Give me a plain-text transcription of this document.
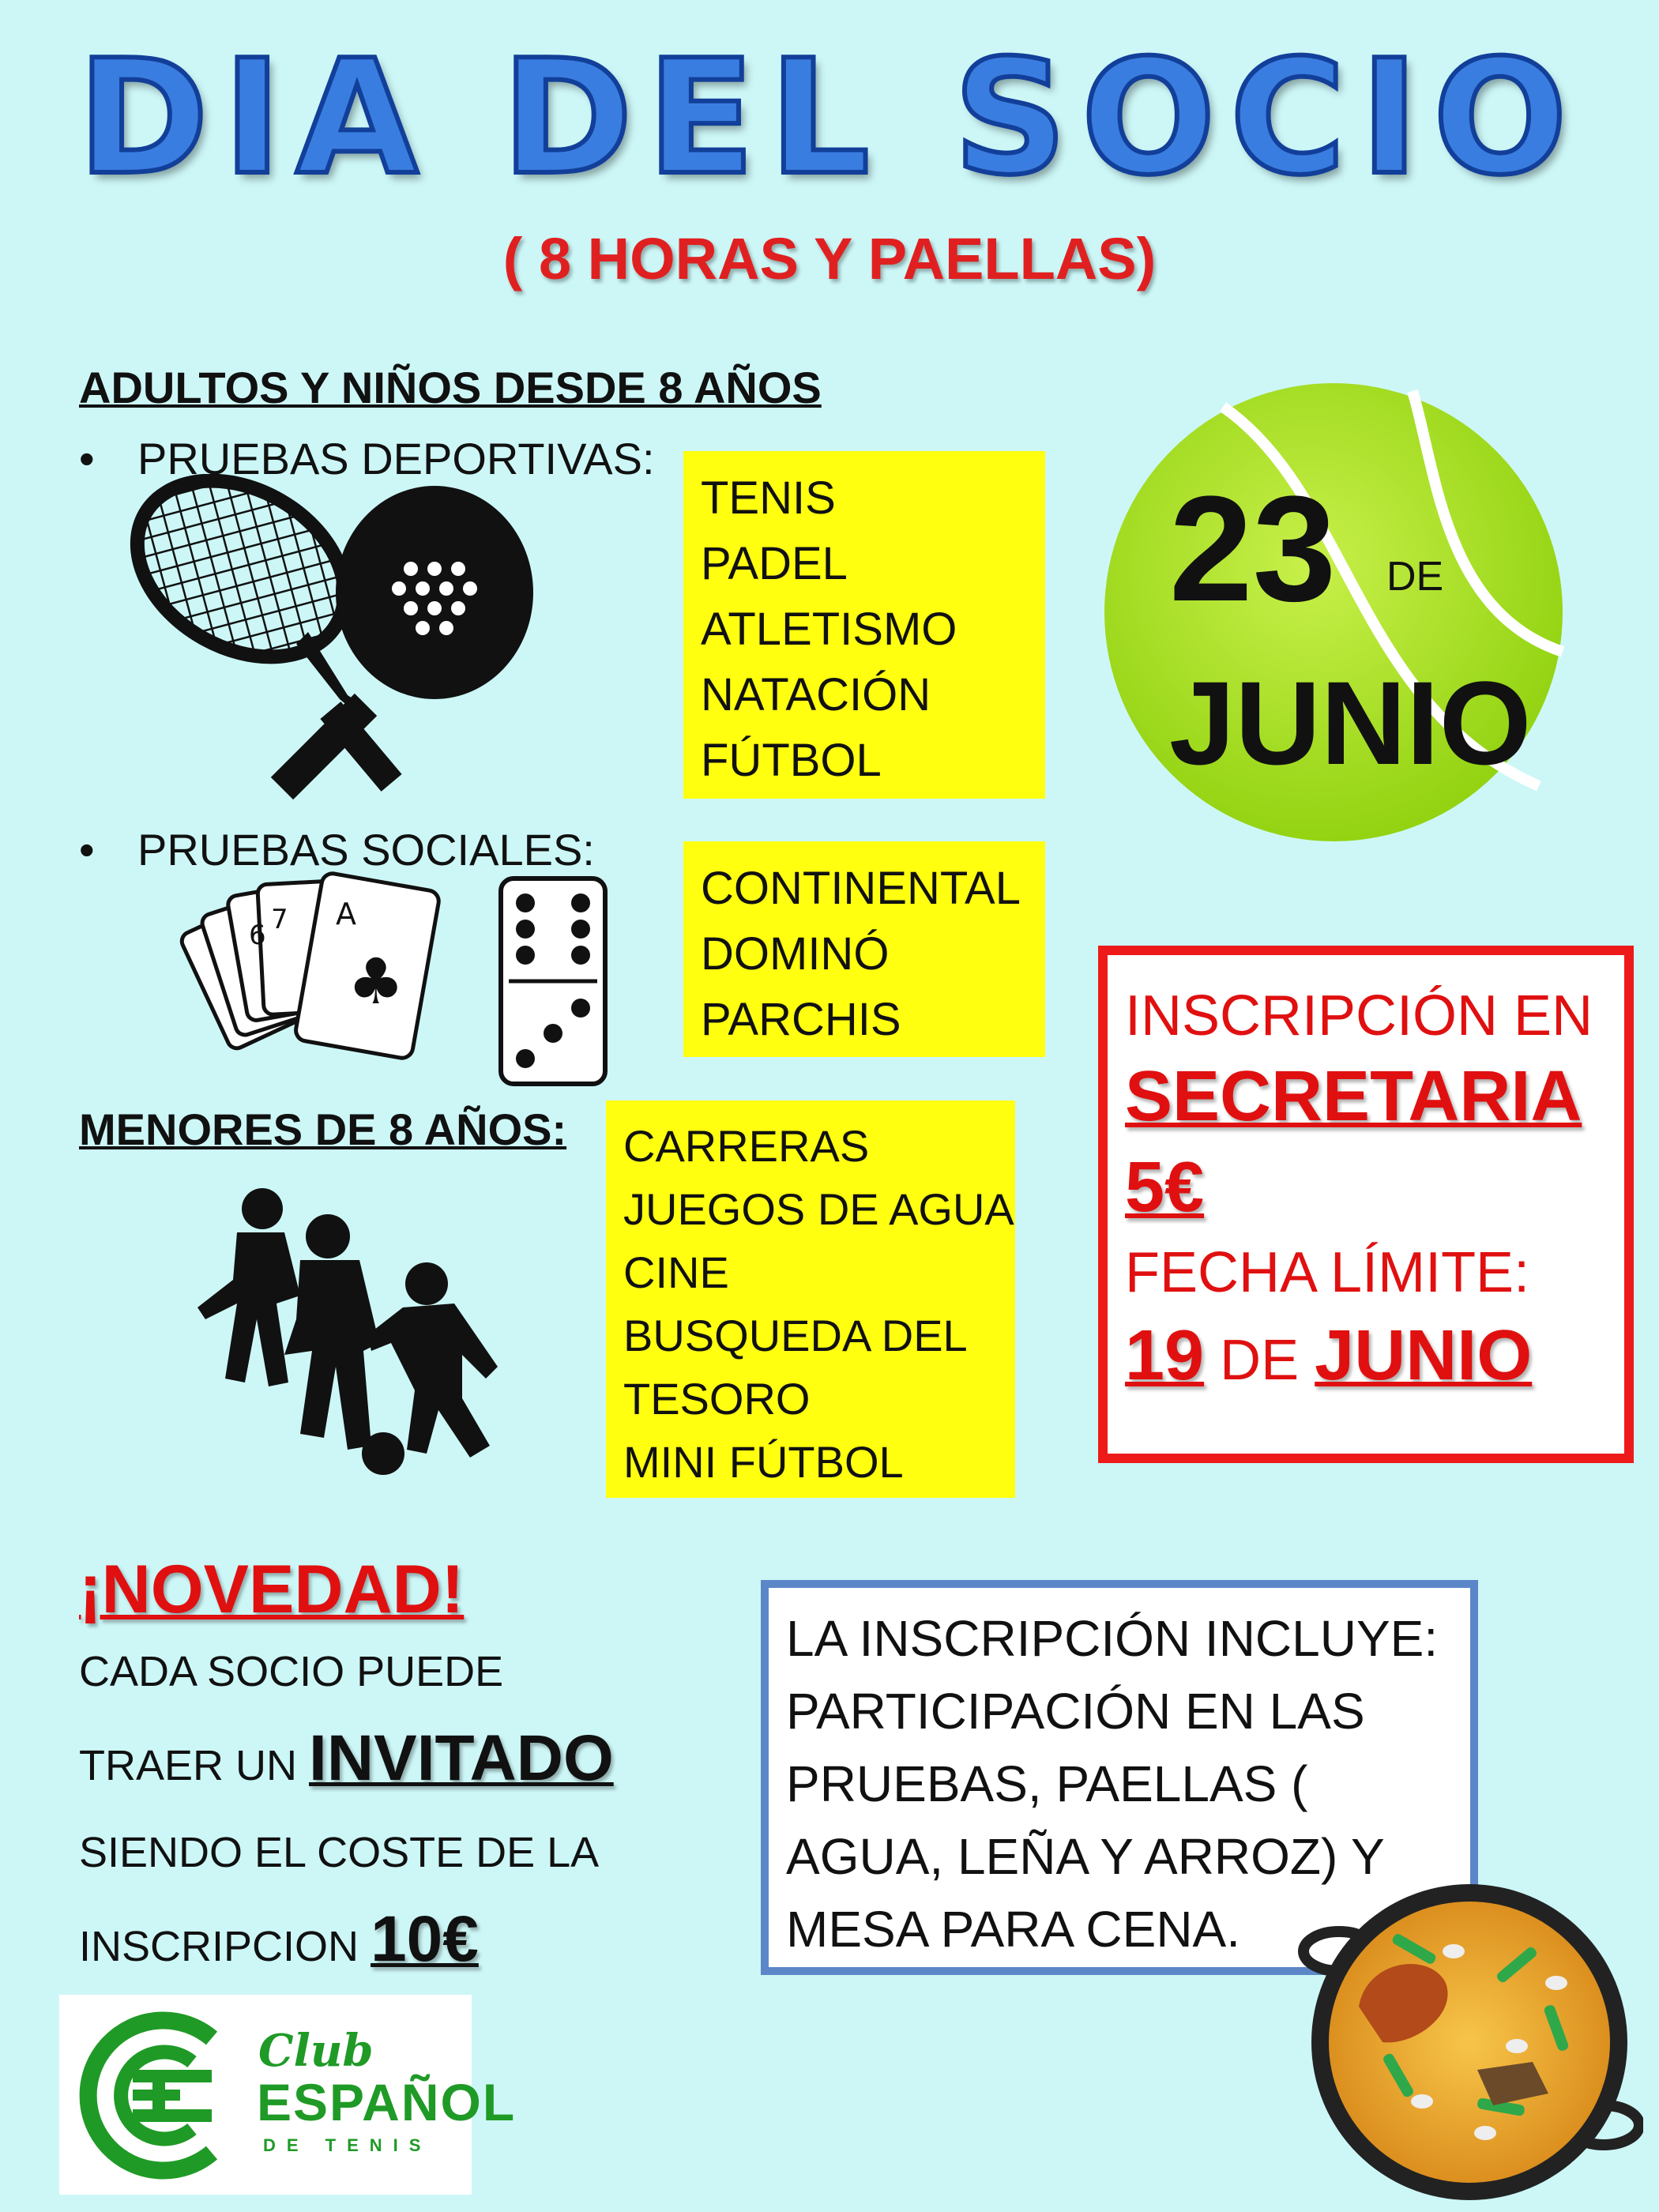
DIA DEL SOCIO
( 8 HORAS Y PAELLAS)
ADULTOS Y NIÑOS DESDE 8 AÑOS
• PRUEBAS DEPORTIVAS:
TENIS
PADEL
ATLETISMO
NATACIÓN
FÚTBOL
23 DE
JUNIO
• PRUEBAS SOCIALES:
6 7 A
♣
CONTINENTAL
DOMINÓ
PARCHIS
MENORES DE 8 AÑOS: CARRERAS
JUEGOS DE AGUA
CINE
BUSQUEDA DEL
TESORO
MINI FÚTBOL
INSCRIPCIÓN EN
SECRETARIA
5€
FECHA LÍMITE:
19 DE JUNIO
¡NOVEDAD!
CADA SOCIO PUEDE
TRAER UN INVITADO
SIENDO EL COSTE DE LA
INSCRIPCION 10€
LA INSCRIPCIÓN INCLUYE:
PARTICIPACIÓN EN LAS
PRUEBAS, PAELLAS (
AGUA, LEÑA Y ARROZ) Y
MESA PARA CENA.
Club
ESPAÑOL
DE TENIS
